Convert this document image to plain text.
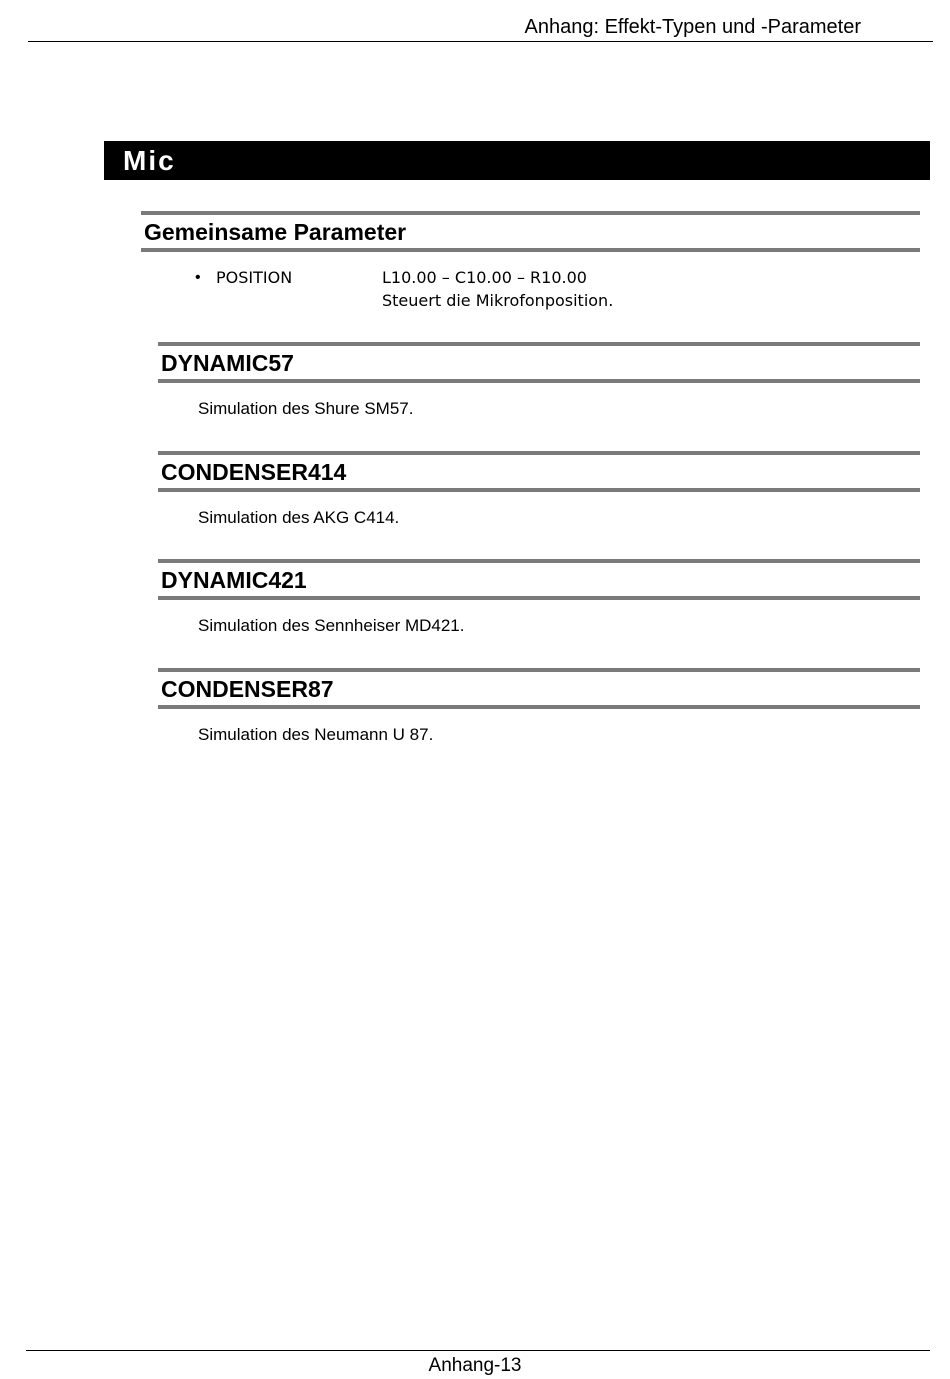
Anhang: Effekt-Typen und -Parameter
Mic
Gemeinsame Parameter
• POSITION	L10.00 – C10.00 – R10.00
Steuert die Mikrofonposition.
DYNAMIC57
Simulation des Shure SM57.
CONDENSER414
Simulation des AKG C414.
DYNAMIC421
Simulation des Sennheiser MD421.
CONDENSER87
Simulation des Neumann U 87.
Anhang-13
